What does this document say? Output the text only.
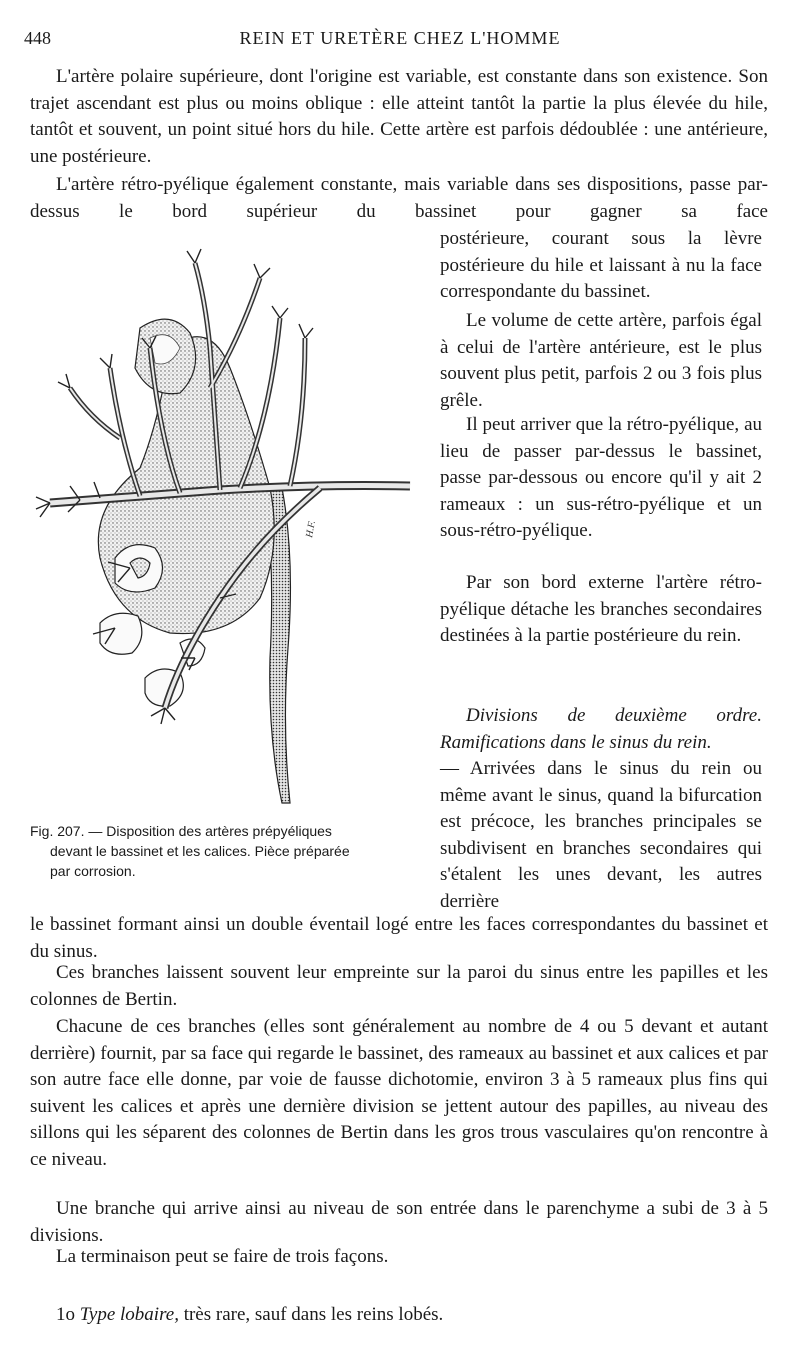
448	REIN ET URETÈRE CHEZ L'HOMME

L'artère polaire supérieure, dont l'origine est variable, est constante dans son existence. Son trajet ascendant est plus ou moins oblique : elle atteint tantôt la partie la plus élevée du hile, tantôt et souvent, un point situé hors du hile. Cette artère est parfois dédoublée : une antérieure, une postérieure.

L'artère rétro-pyélique également constante, mais variable dans ses dispositions, passe par-dessus le bord supérieur du bassinet pour gagner sa face

postérieure, courant sous la lèvre postérieure du hile et laissant à nu la face correspondante du bassinet.

Le volume de cette artère, parfois égal à celui de l'artère antérieure, est le plus souvent plus petit, parfois 2 ou 3 fois plus grêle.

Il peut arriver que la rétro-pyélique, au lieu de passer par-dessus le bassinet, passe par-dessous ou encore qu'il y ait 2 rameaux : un sus-rétro-pyélique et un sous-rétro-pyélique.

Par son bord externe l'artère rétro-pyélique détache les branches secondaires destinées à la partie postérieure du rein.

Divisions de deuxième ordre. Ramifications dans le sinus du rein.

— Arrivées dans le sinus du rein ou même avant le sinus, quand la bifurcation est précoce, les branches principales se subdivisent en branches secondaires qui s'étalent les unes devant, les autres derrière

le bassinet formant ainsi un double éventail logé entre les faces correspondantes du bassinet et du sinus.

Ces branches laissent souvent leur empreinte sur la paroi du sinus entre les papilles et les colonnes de Bertin.

Chacune de ces branches (elles sont généralement au nombre de 4 ou 5 devant et autant derrière) fournit, par sa face qui regarde le bassinet, des rameaux au bassinet et aux calices et par son autre face elle donne, par voie de fausse dichotomie, environ 3 à 5 rameaux plus fins qui suivent les calices et après une dernière division se jettent autour des papilles, au niveau des sillons qui les séparent des colonnes de Bertin dans les gros trous vasculaires qu'on rencontre à ce niveau.

Une branche qui arrive ainsi au niveau de son entrée dans le parenchyme a subi de 3 à 5 divisions.

La terminaison peut se faire de trois façons.

1o Type lobaire, très rare, sauf dans les reins lobés.

H.F.

Fig. 207. — Disposition des artères prépyéliques
devant le bassinet et les calices. Pièce préparée
par corrosion.
